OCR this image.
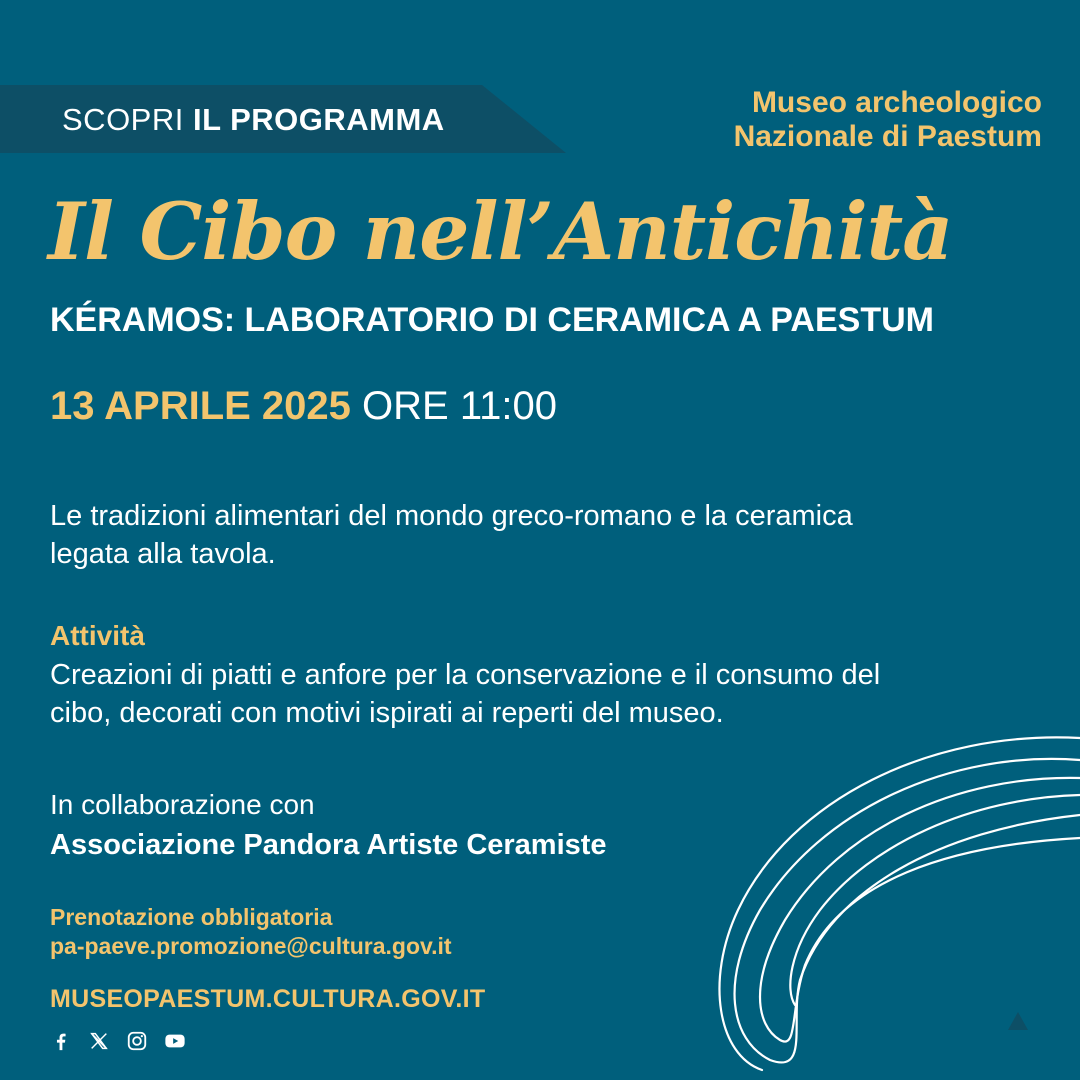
SCOPRI IL PROGRAMMA	Museo archeologico
Nazionale di Paestum
Il Cibo nell’Antichità
KÉRAMOS: LABORATORIO DI CERAMICA A PAESTUM
13 APRILE 2025 ORE 11:00
Le tradizioni alimentari del mondo greco-romano e la ceramica
legata alla tavola.
Attività
Creazioni di piatti e anfore per la conservazione e il consumo del
cibo, decorati con motivi ispirati ai reperti del museo.
In collaborazione con
Associazione Pandora Artiste Ceramiste
Prenotazione obbligatoria
pa-paeve.promozione@cultura.gov.it
MUSEOPAESTUM.CULTURA.GOV.IT
